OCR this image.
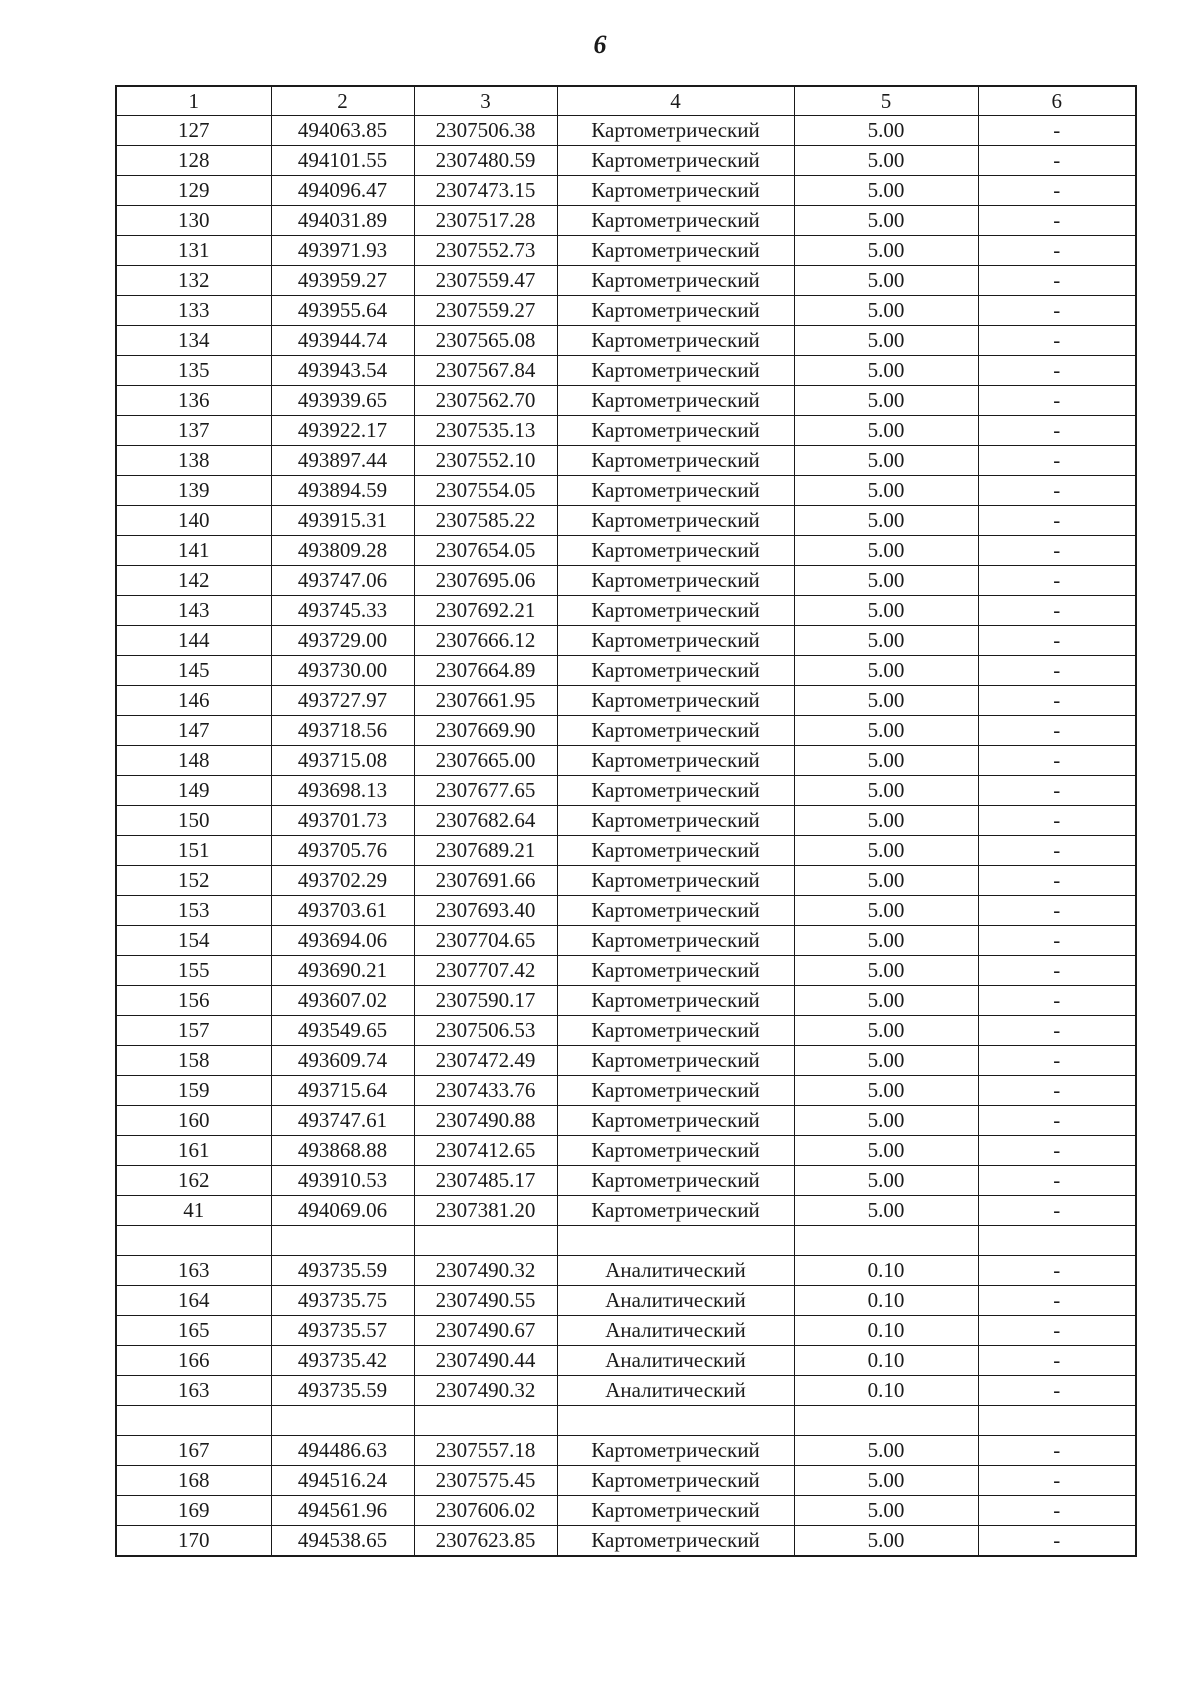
6
1	2	3	4	5	6
127	494063.85	2307506.38	Картометрический	5.00	-
128	494101.55	2307480.59	Картометрический	5.00	-
129	494096.47	2307473.15	Картометрический	5.00	-
130	494031.89	2307517.28	Картометрический	5.00	-
131	493971.93	2307552.73	Картометрический	5.00	-
132	493959.27	2307559.47	Картометрический	5.00	-
133	493955.64	2307559.27	Картометрический	5.00	-
134	493944.74	2307565.08	Картометрический	5.00	-
135	493943.54	2307567.84	Картометрический	5.00	-
136	493939.65	2307562.70	Картометрический	5.00	-
137	493922.17	2307535.13	Картометрический	5.00	-
138	493897.44	2307552.10	Картометрический	5.00	-
139	493894.59	2307554.05	Картометрический	5.00	-
140	493915.31	2307585.22	Картометрический	5.00	-
141	493809.28	2307654.05	Картометрический	5.00	-
142	493747.06	2307695.06	Картометрический	5.00	-
143	493745.33	2307692.21	Картометрический	5.00	-
144	493729.00	2307666.12	Картометрический	5.00	-
145	493730.00	2307664.89	Картометрический	5.00	-
146	493727.97	2307661.95	Картометрический	5.00	-
147	493718.56	2307669.90	Картометрический	5.00	-
148	493715.08	2307665.00	Картометрический	5.00	-
149	493698.13	2307677.65	Картометрический	5.00	-
150	493701.73	2307682.64	Картометрический	5.00	-
151	493705.76	2307689.21	Картометрический	5.00	-
152	493702.29	2307691.66	Картометрический	5.00	-
153	493703.61	2307693.40	Картометрический	5.00	-
154	493694.06	2307704.65	Картометрический	5.00	-
155	493690.21	2307707.42	Картометрический	5.00	-
156	493607.02	2307590.17	Картометрический	5.00	-
157	493549.65	2307506.53	Картометрический	5.00	-
158	493609.74	2307472.49	Картометрический	5.00	-
159	493715.64	2307433.76	Картометрический	5.00	-
160	493747.61	2307490.88	Картометрический	5.00	-
161	493868.88	2307412.65	Картометрический	5.00	-
162	493910.53	2307485.17	Картометрический	5.00	-
41	494069.06	2307381.20	Картометрический	5.00	-

163	493735.59	2307490.32	Аналитический	0.10	-
164	493735.75	2307490.55	Аналитический	0.10	-
165	493735.57	2307490.67	Аналитический	0.10	-
166	493735.42	2307490.44	Аналитический	0.10	-
163	493735.59	2307490.32	Аналитический	0.10	-

167	494486.63	2307557.18	Картометрический	5.00	-
168	494516.24	2307575.45	Картометрический	5.00	-
169	494561.96	2307606.02	Картометрический	5.00	-
170	494538.65	2307623.85	Картометрический	5.00	-
